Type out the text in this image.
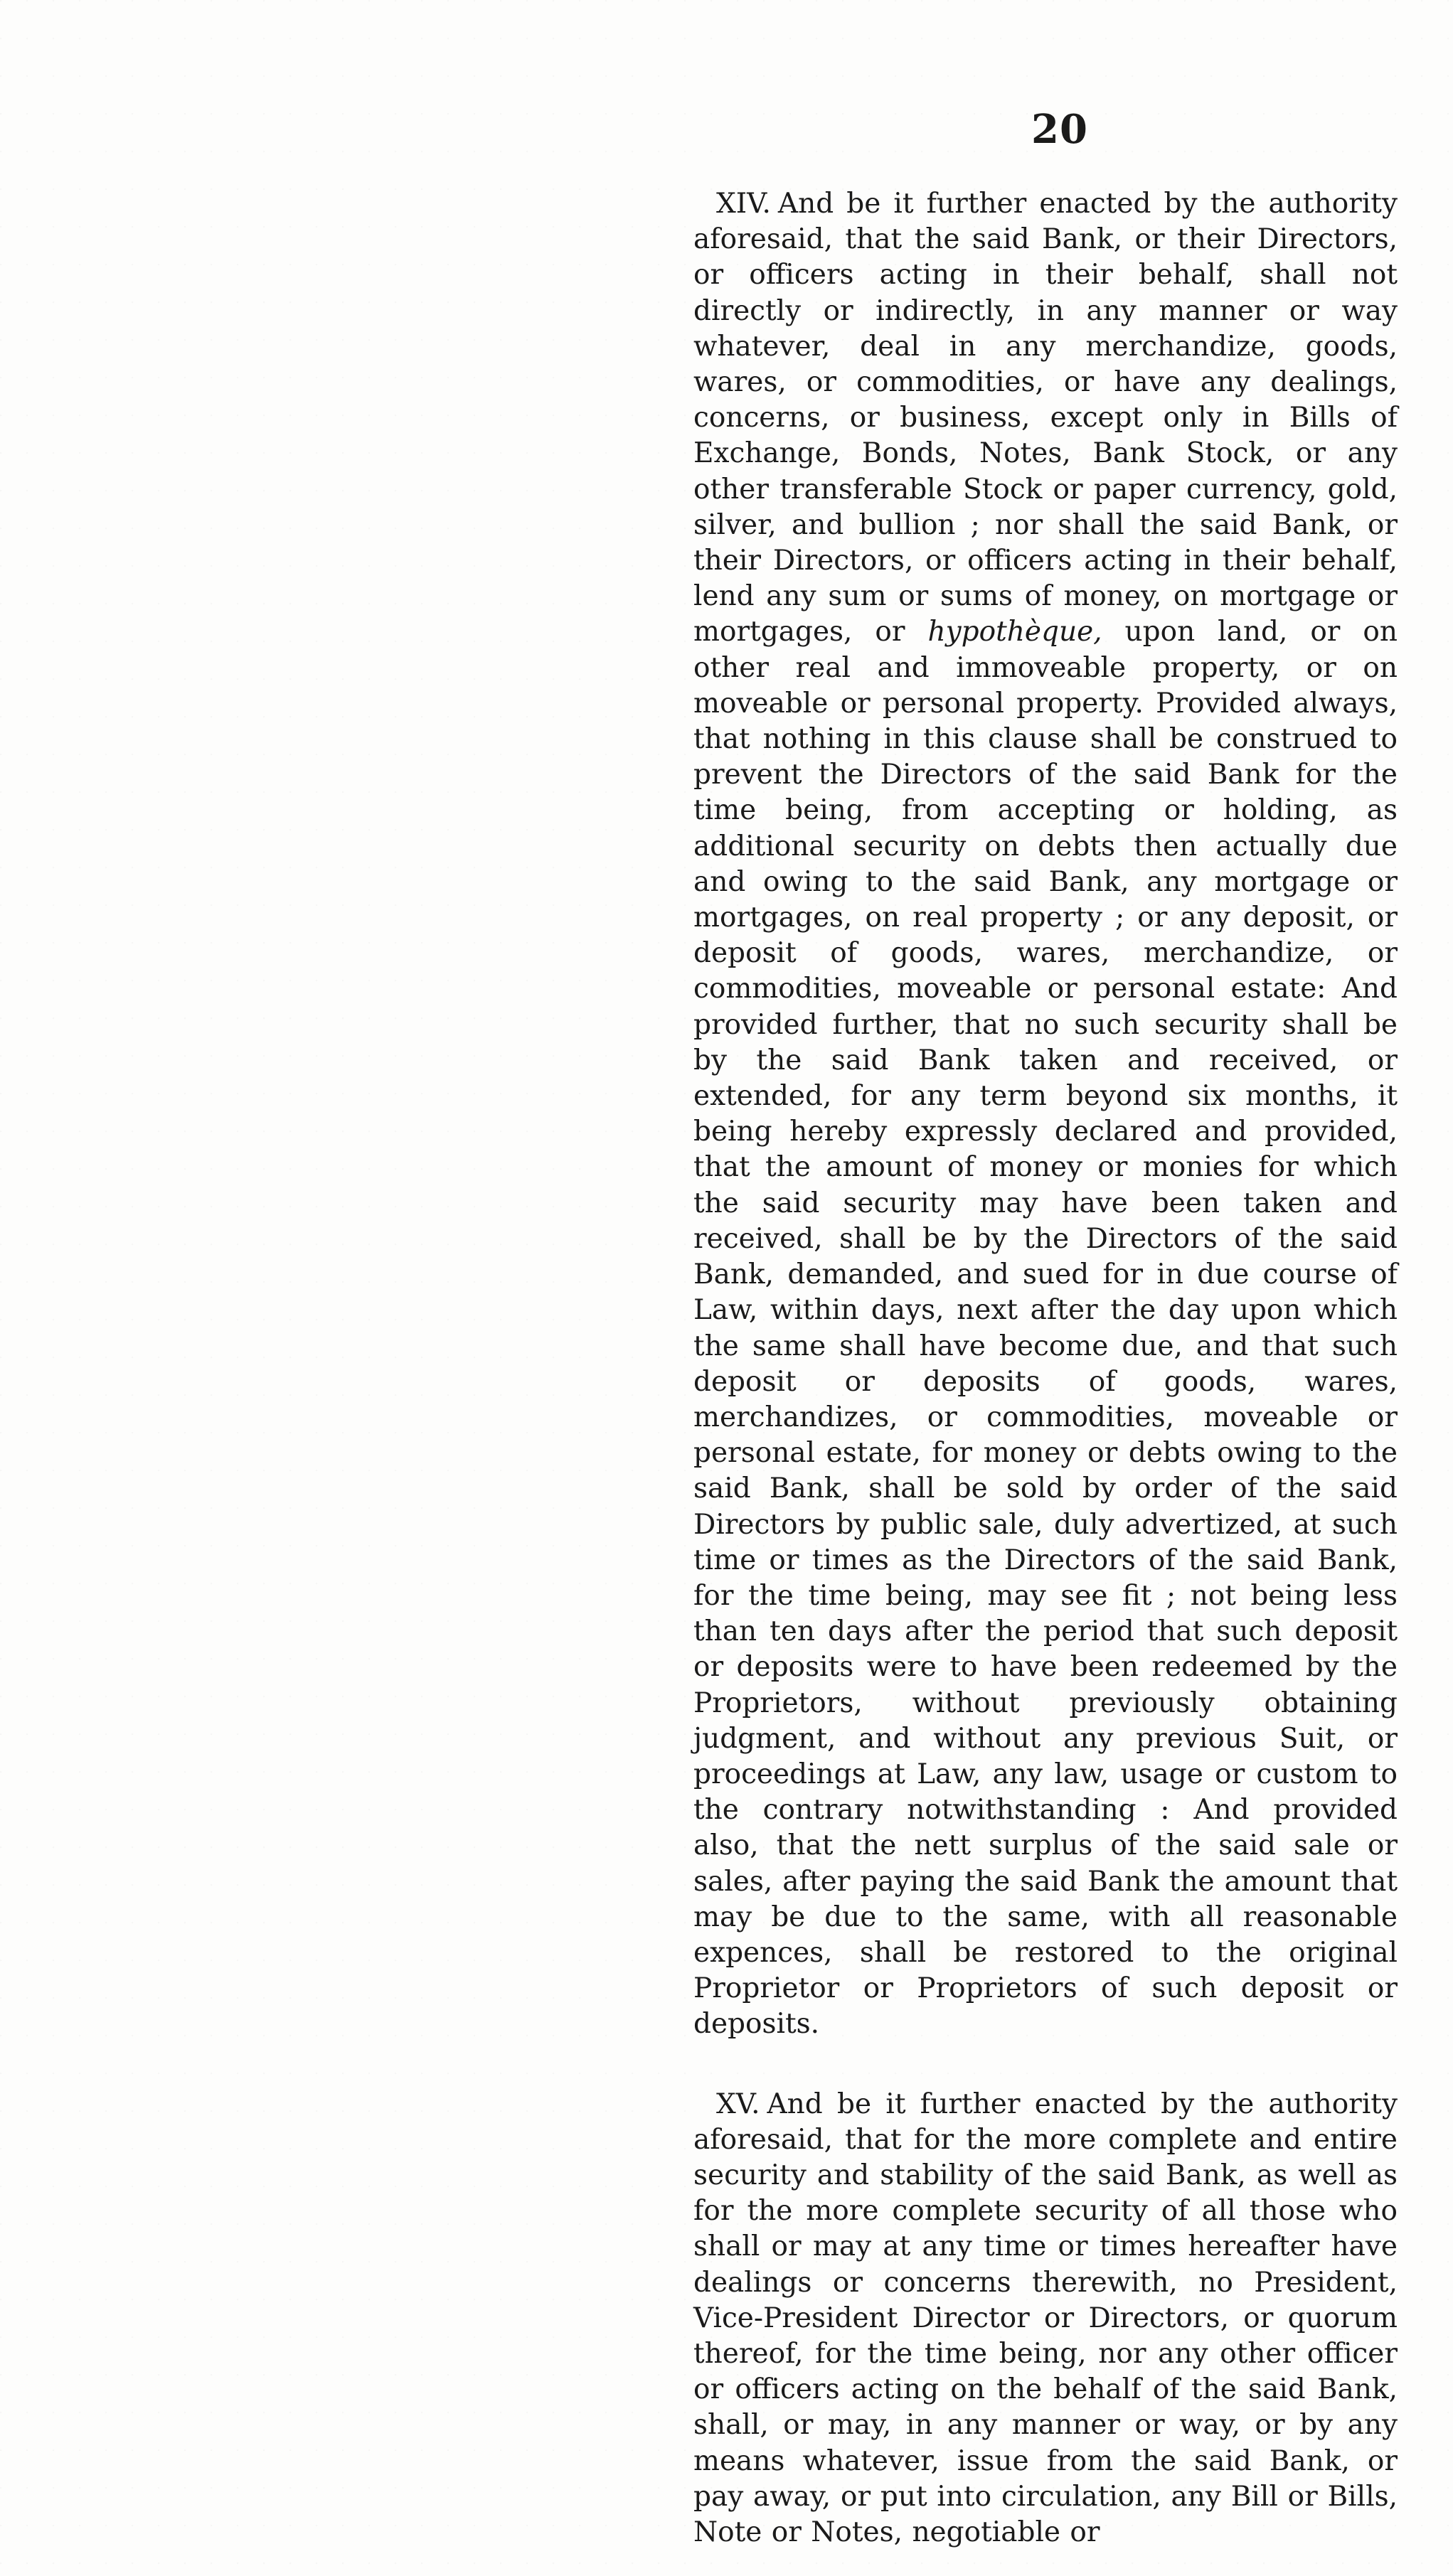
20

XIV. And be it further enacted by the authority aforesaid, that the said Bank, or their Directors, or officers acting in their behalf, shall not directly or indirectly, in any manner or way whatever, deal in any merchandize, goods, wares, or commodities, or have any dealings, concerns, or business, except only in Bills of Exchange, Bonds, Notes, Bank Stock, or any other transferable Stock or paper currency, gold, silver, and bullion ; nor shall the said Bank, or their Directors, or officers acting in their behalf, lend any sum or sums of money, on mortgage or mortgages, or hypothèque, upon land, or on other real and immoveable property, or on moveable or personal property. Provided always, that nothing in this clause shall be construed to prevent the Directors of the said Bank for the time being, from accepting or holding, as additional security on debts then actually due and owing to the said Bank, any mortgage or mortgages, on real property ; or any deposit, or deposit of goods, wares, merchandize, or commodities, moveable or personal estate: And provided further, that no such security shall be by the said Bank taken and received, or extended, for any term beyond six months, it being hereby expressly declared and provided, that the amount of money or monies for which the said security may have been taken and received, shall be by the Directors of the said Bank, demanded, and sued for in due course of Law, within days, next after the day upon which the same shall have become due, and that such deposit or deposits of goods, wares, merchandizes, or commodities, moveable or personal estate, for money or debts owing to the said Bank, shall be sold by order of the said Directors by public sale, duly advertized, at such time or times as the Directors of the said Bank, for the time being, may see fit ; not being less than ten days after the period that such deposit or deposits were to have been redeemed by the Proprietors, without previously obtaining judgment, and without any previous Suit, or proceedings at Law, any law, usage or custom to the contrary notwithstanding : And provided also, that the nett surplus of the said sale or sales, after paying the said Bank the amount that may be due to the same, with all reasonable expences, shall be restored to the original Proprietor or Proprietors of such deposit or deposits.

XV. And be it further enacted by the authority aforesaid, that for the more complete and entire security and stability of the said Bank, as well as for the more complete security of all those who shall or may at any time or times hereafter have dealings or concerns therewith, no President, Vice-President Director or Directors, or quorum thereof, for the time being, nor any other officer or officers acting on the behalf of the said Bank, shall, or may, in any manner or way, or by any means whatever, issue from the said Bank, or pay away, or put into circulation, any Bill or Bills, Note or Notes, negotiable or
